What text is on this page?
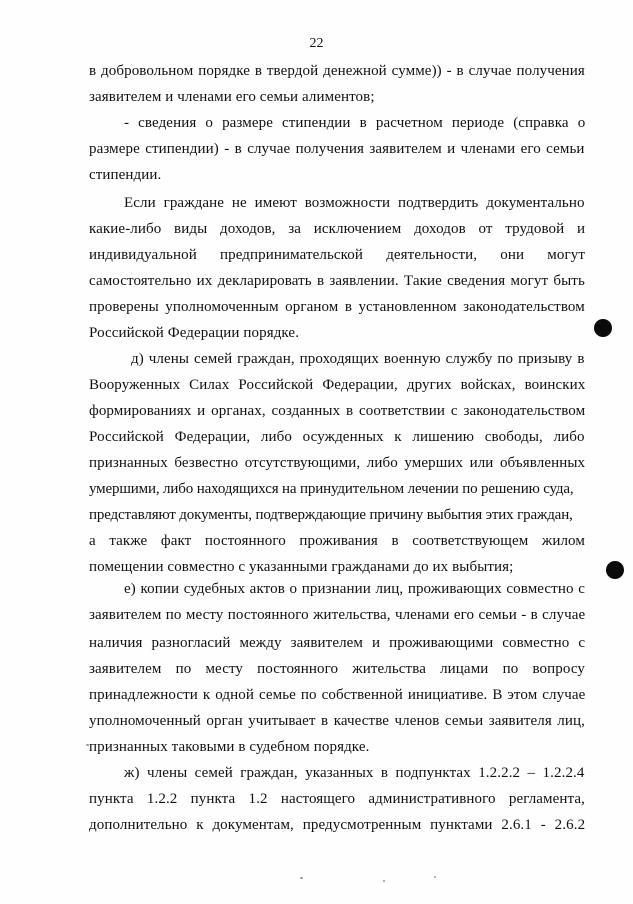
22
в добровольном порядке в твердой денежной сумме)) - в случае получения
заявителем и членами его семьи алиментов;
- сведения о размере стипендии в расчетном периоде (справка о
размере стипендии) - в случае получения заявителем и членами его семьи
стипендии.
Если граждане не имеют возможности подтвердить документально
какие-либо виды доходов, за исключением доходов от трудовой и
индивидуальной предпринимательской деятельности, они могут
самостоятельно их декларировать в заявлении. Такие сведения могут быть
проверены уполномоченным органом в установленном законодательством
Российской Федерации порядке.
д) члены семей граждан, проходящих военную службу по призыву в
Вооруженных Силах Российской Федерации, других войсках, воинских
формированиях и органах, созданных в соответствии с законодательством
Российской Федерации, либо осужденных к лишению свободы, либо
признанных безвестно отсутствующими, либо умерших или объявленных
умершими, либо находящихся на принудительном лечении по решению суда,
представляют документы, подтверждающие причину выбытия этих граждан,
а также факт постоянного проживания в соответствующем жилом
помещении совместно с указанными гражданами до их выбытия;
е) копии судебных актов о признании лиц, проживающих совместно с
заявителем по месту постоянного жительства, членами его семьи - в случае
наличия разногласий между заявителем и проживающими совместно с
заявителем по месту постоянного жительства лицами по вопросу
принадлежности к одной семье по собственной инициативе. В этом случае
уполномоченный орган учитывает в качестве членов семьи заявителя лиц,
признанных таковыми в судебном порядке.
ж) члены семей граждан, указанных в подпунктах 1.2.2.2 – 1.2.2.4
пункта 1.2.2 пункта 1.2 настоящего административного регламента,
дополнительно к документам, предусмотренным пунктами 2.6.1 - 2.6.2
